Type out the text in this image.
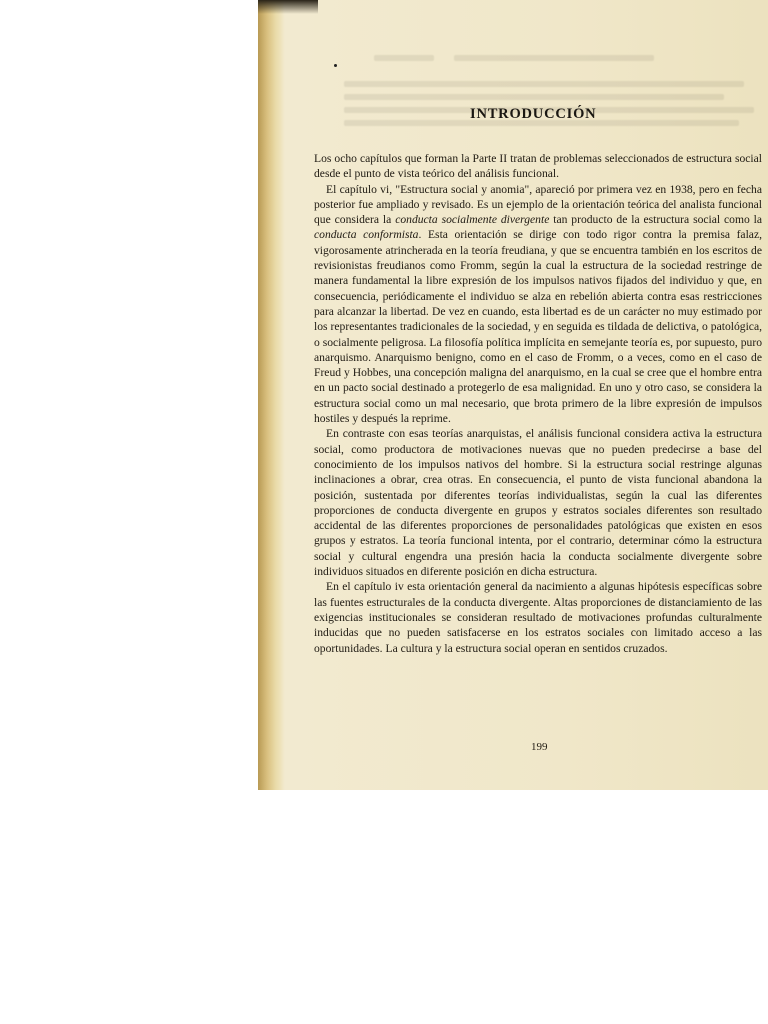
INTRODUCCIÓN

Los ocho capítulos que forman la Parte II tratan de problemas seleccionados de estructura social desde el punto de vista teórico del análisis funcional.

El capítulo vi, "Estructura social y anomia", apareció por primera vez en 1938, pero en fecha posterior fue ampliado y revisado. Es un ejemplo de la orientación teórica del analista funcional que considera la conducta socialmente divergente tan producto de la estructura social como la conducta conformista. Esta orientación se dirige con todo rigor contra la premisa falaz, vigorosamente atrincherada en la teoría freudiana, y que se encuentra también en los escritos de revisionistas freudianos como Fromm, según la cual la estructura de la sociedad restringe de manera fundamental la libre expresión de los impulsos nativos fijados del individuo y que, en consecuencia, periódicamente el individuo se alza en rebelión abierta contra esas restricciones para alcanzar la libertad. De vez en cuando, esta libertad es de un carácter no muy estimado por los representantes tradicionales de la sociedad, y en seguida es tildada de delictiva, o patológica, o socialmente peligrosa. La filosofía política implícita en semejante teoría es, por supuesto, puro anarquismo. Anarquismo benigno, como en el caso de Fromm, o a veces, como en el caso de Freud y Hobbes, una concepción maligna del anarquismo, en la cual se cree que el hombre entra en un pacto social destinado a protegerlo de esa malignidad. En uno y otro caso, se considera la estructura social como un mal necesario, que brota primero de la libre expresión de impulsos hostiles y después la reprime.

En contraste con esas teorías anarquistas, el análisis funcional considera activa la estructura social, como productora de motivaciones nuevas que no pueden predecirse a base del conocimiento de los impulsos nativos del hombre. Si la estructura social restringe algunas inclinaciones a obrar, crea otras. En consecuencia, el punto de vista funcional abandona la posición, sustentada por diferentes teorías individualistas, según la cual las diferentes proporciones de conducta divergente en grupos y estratos sociales diferentes son resultado accidental de las diferentes proporciones de personalidades patológicas que existen en esos grupos y estratos. La teoría funcional intenta, por el contrario, determinar cómo la estructura social y cultural engendra una presión hacia la conducta socialmente divergente sobre individuos situados en diferente posición en dicha estructura.

En el capítulo iv esta orientación general da nacimiento a algunas hipótesis específicas sobre las fuentes estructurales de la conducta divergente. Altas proporciones de distanciamiento de las exigencias institucionales se consideran resultado de motivaciones profundas culturalmente inducidas que no pueden satisfacerse en los estratos sociales con limitado acceso a las oportunidades. La cultura y la estructura social operan en sentidos cruzados.

199
